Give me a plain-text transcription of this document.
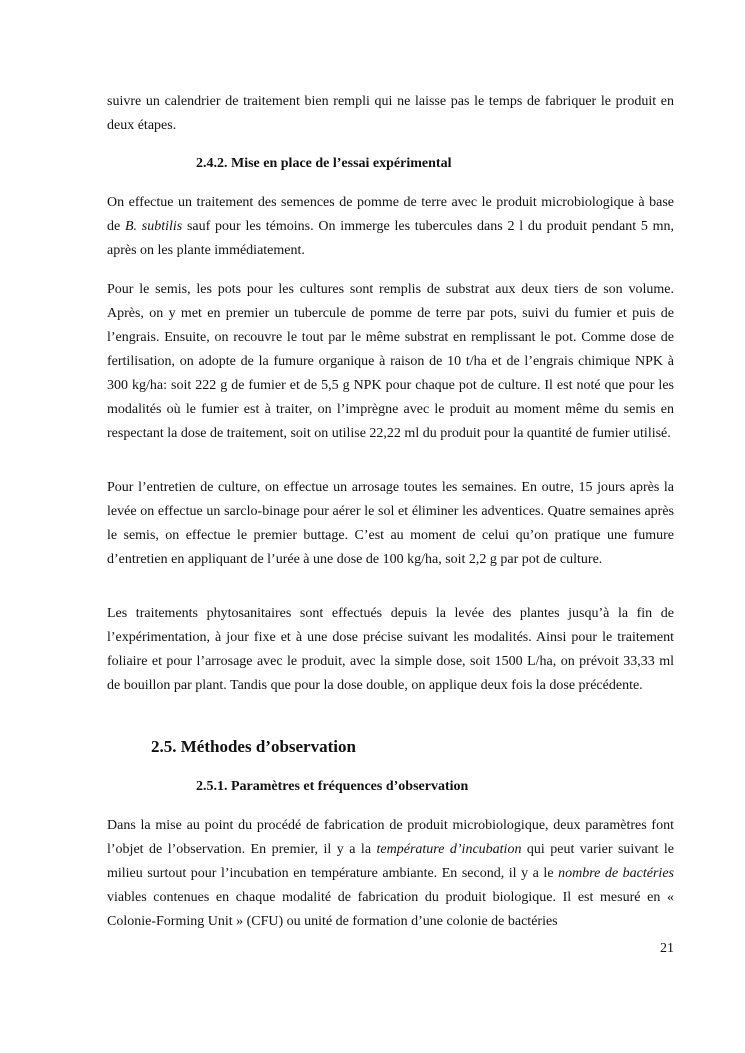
suivre un calendrier de traitement bien rempli qui ne laisse pas le temps de fabriquer le produit en deux étapes.

2.4.2. Mise en place de l’essai expérimental

On effectue un traitement des semences de pomme de terre avec le produit microbiologique à base de B. subtilis sauf pour les témoins. On immerge les tubercules dans 2 l du produit pendant 5 mn, après on les plante immédiatement.

Pour le semis, les pots pour les cultures sont remplis de substrat aux deux tiers de son volume. Après, on y met en premier un tubercule de pomme de terre par pots, suivi du fumier et puis de l’engrais. Ensuite, on recouvre le tout par le même substrat en remplissant le pot. Comme dose de fertilisation, on adopte de la fumure organique à raison de 10 t/ha et de l’engrais chimique NPK à 300 kg/ha: soit 222 g de fumier et de 5,5 g NPK pour chaque pot de culture. Il est noté que pour les modalités où le fumier est à traiter, on l’imprègne avec le produit au moment même du semis en respectant la dose de traitement, soit on utilise 22,22 ml du produit pour la quantité de fumier utilisé.

Pour l’entretien de culture, on effectue un arrosage toutes les semaines. En outre, 15 jours après la levée on effectue un sarclo-binage pour aérer le sol et éliminer les adventices. Quatre semaines après le semis, on effectue le premier buttage. C’est au moment de celui qu’on pratique une fumure d’entretien en appliquant de l’urée à une dose de 100 kg/ha, soit 2,2 g par pot de culture.

Les traitements phytosanitaires sont effectués depuis la levée des plantes jusqu’à la fin de l’expérimentation, à jour fixe et à une dose précise suivant les modalités. Ainsi pour le traitement foliaire et pour l’arrosage avec le produit, avec la simple dose, soit 1500 L/ha, on prévoit 33,33 ml de bouillon par plant. Tandis que pour la dose double, on applique deux fois la dose précédente.

2.5. Méthodes d’observation
2.5.1. Paramètres et fréquences d’observation

Dans la mise au point du procédé de fabrication de produit microbiologique, deux paramètres font l’objet de l’observation. En premier, il y a la température d’incubation qui peut varier suivant le milieu surtout pour l’incubation en température ambiante. En second, il y a le nombre de bactéries viables contenues en chaque modalité de fabrication du produit biologique. Il est mesuré en « Colonie-Forming Unit » (CFU) ou unité de formation d’une colonie de bactéries

21
